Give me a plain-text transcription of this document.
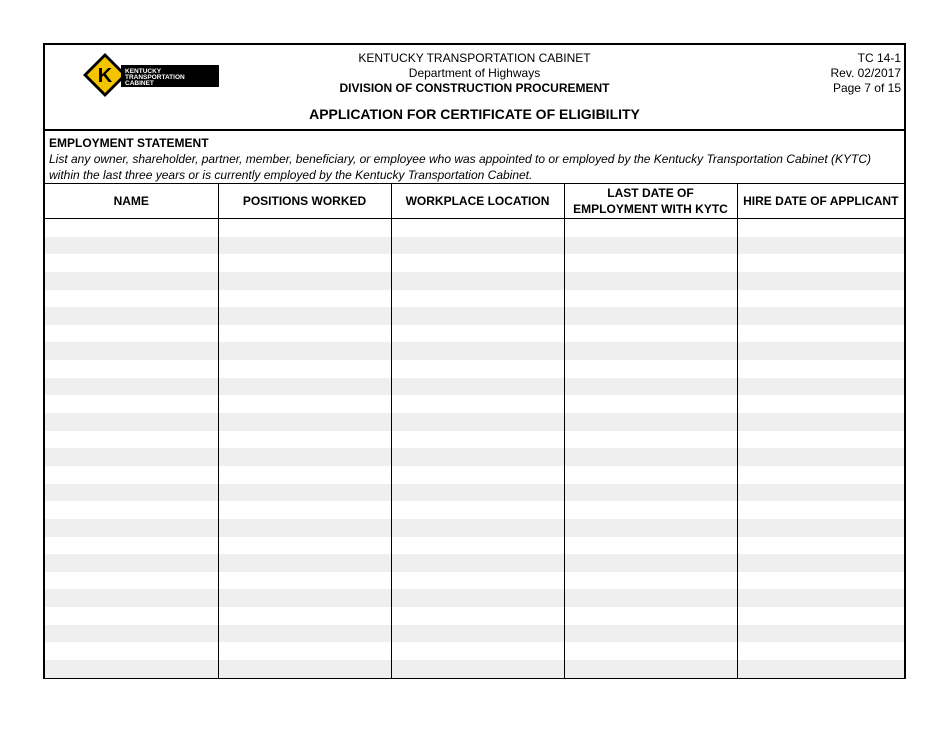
K KENTUCKY
TRANSPORTATION
CABINET
KENTUCKY TRANSPORTATION CABINET
Department of Highways
DIVISION OF CONSTRUCTION PROCUREMENT
TC 14-1
Rev. 02/2017
Page 7 of 15
APPLICATION FOR CERTIFICATE OF ELIGIBILITY
EMPLOYMENT STATEMENT
List any owner, shareholder, partner, member, beneficiary, or employee who was appointed to or employed by the Kentucky Transportation Cabinet (KYTC) within the last three years or is currently employed by the Kentucky Transportation Cabinet.
NAME	POSITIONS WORKED	WORKPLACE LOCATION	LAST DATE OF EMPLOYMENT WITH KYTC	HIRE DATE OF APPLICANT
